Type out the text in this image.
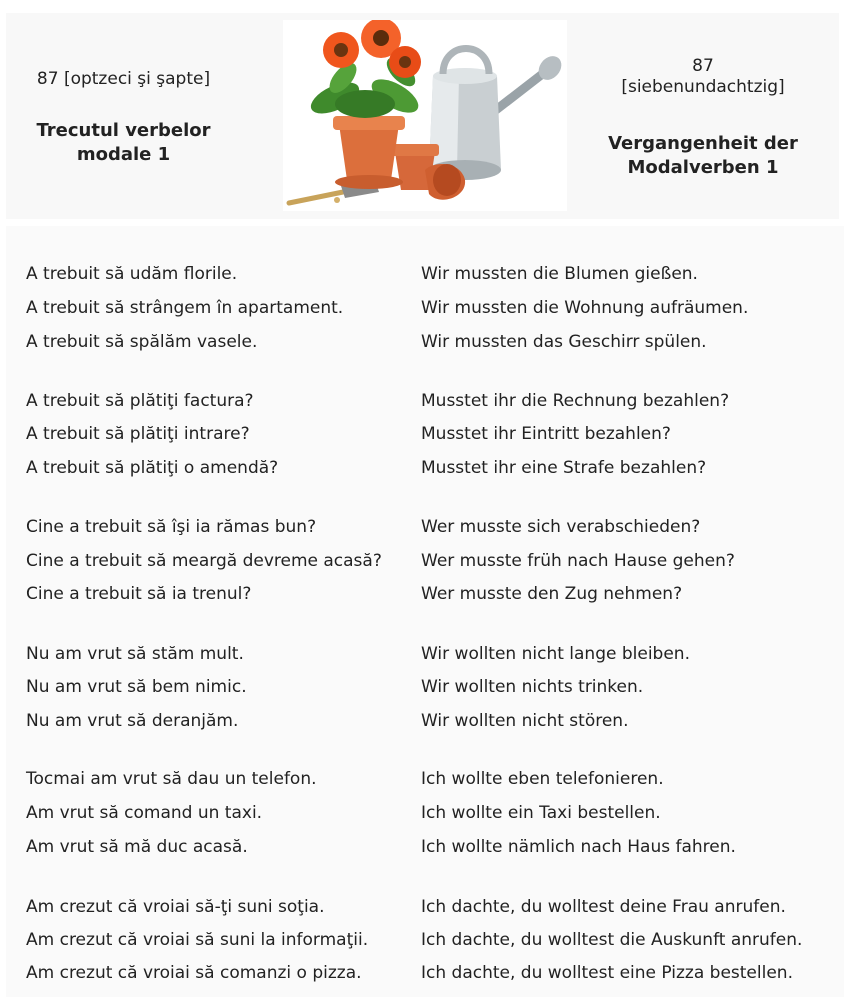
87 [optzeci şi şapte]
Trecutul verbelor
modale 1
87
[siebenundachtzig]
Vergangenheit der
Modalverben 1
A trebuit să udăm florile.	Wir mussten die Blumen gießen.
A trebuit să strângem în apartament.	Wir mussten die Wohnung aufräumen.
A trebuit să spălăm vasele.	Wir mussten das Geschirr spülen.
A trebuit să plătiţi factura?	Musstet ihr die Rechnung bezahlen?
A trebuit să plătiţi intrare?	Musstet ihr Eintritt bezahlen?
A trebuit să plătiţi o amendă?	Musstet ihr eine Strafe bezahlen?
Cine a trebuit să îşi ia rămas bun?	Wer musste sich verabschieden?
Cine a trebuit să meargă devreme acasă? Wer musste früh nach Hause gehen?
Cine a trebuit să ia trenul?	Wer musste den Zug nehmen?
Nu am vrut să stăm mult.	Wir wollten nicht lange bleiben.
Nu am vrut să bem nimic.	Wir wollten nichts trinken.
Nu am vrut să deranjăm.	Wir wollten nicht stören.
Tocmai am vrut să dau un telefon.	Ich wollte eben telefonieren.
Am vrut să comand un taxi.	Ich wollte ein Taxi bestellen.
Am vrut să mă duc acasă.	Ich wollte nämlich nach Haus fahren.
Am crezut că vroiai să-ţi suni soţia.	Ich dachte, du wolltest deine Frau anrufen.
Am crezut că vroiai să suni la informaţii.	Ich dachte, du wolltest die Auskunft anrufen.
Am crezut că vroiai să comanzi o pizza.	Ich dachte, du wolltest eine Pizza bestellen.
